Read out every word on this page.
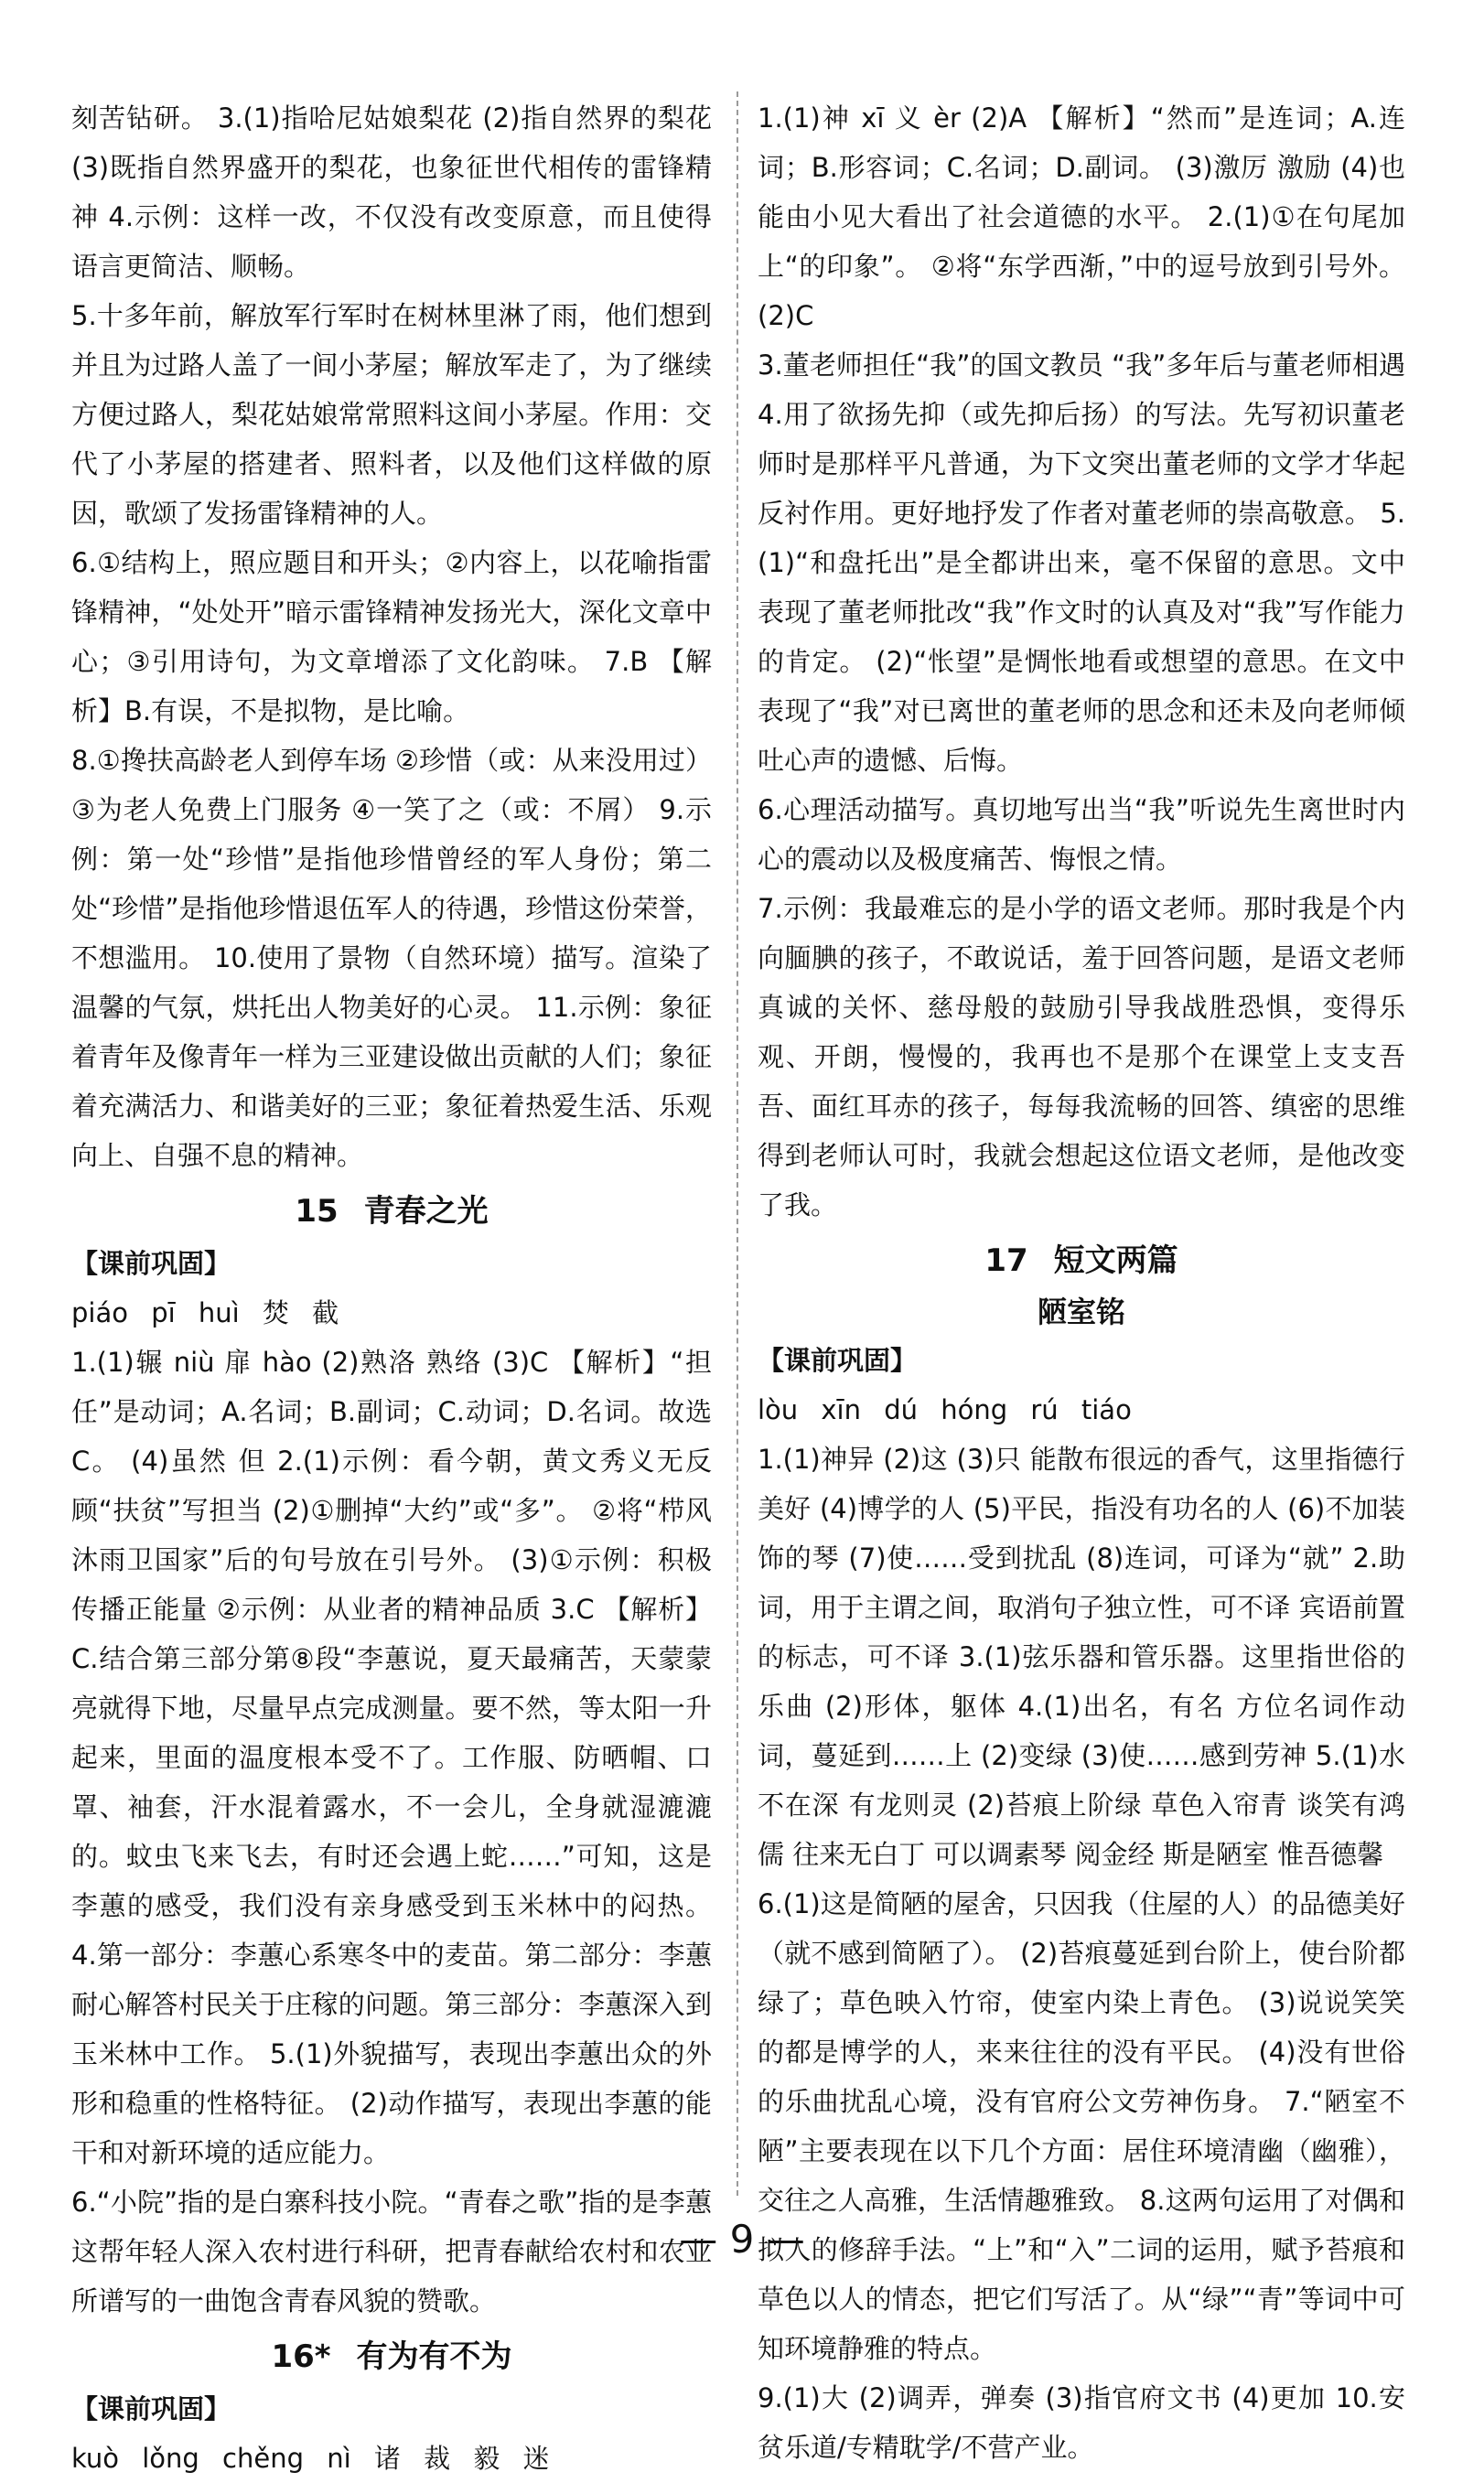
刻苦钻研。 3.(1)指哈尼姑娘梨花 (2)指自然界的梨花 (3)既指自然界盛开的梨花，也象征世代相传的雷锋精神 4.示例：这样一改，不仅没有改变原意，而且使得语言更简洁、顺畅。

5.十多年前，解放军行军时在树林里淋了雨，他们想到并且为过路人盖了一间小茅屋；解放军走了，为了继续方便过路人，梨花姑娘常常照料这间小茅屋。作用：交代了小茅屋的搭建者、照料者，以及他们这样做的原因，歌颂了发扬雷锋精神的人。

6.①结构上，照应题目和开头；②内容上，以花喻指雷锋精神，“处处开”暗示雷锋精神发扬光大，深化文章中心；③引用诗句，为文章增添了文化韵味。 7.B 【解析】B.有误，不是拟物，是比喻。

8.①搀扶高龄老人到停车场 ②珍惜（或：从来没用过） ③为老人免费上门服务 ④一笑了之（或：不屑） 9.示例：第一处“珍惜”是指他珍惜曾经的军人身份；第二处“珍惜”是指他珍惜退伍军人的待遇，珍惜这份荣誉，不想滥用。 10.使用了景物（自然环境）描写。渲染了温馨的气氛，烘托出人物美好的心灵。 11.示例：象征着青年及像青年一样为三亚建设做出贡献的人们；象征着充满活力、和谐美好的三亚；象征着热爱生活、乐观向上、自强不息的精神。

15 青春之光

【课前巩固】

piáo pī huì 焚 截

1.(1)辗 niù 扉 hào (2)熟洛 熟络 (3)C 【解析】“担任”是动词；A.名词；B.副词；C.动词；D.名词。故选C。 (4)虽然 但 2.(1)示例：看今朝，黄文秀义无反顾“扶贫”写担当 (2)①删掉“大约”或“多”。 ②将“栉风沐雨卫国家”后的句号放在引号外。 (3)①示例：积极传播正能量 ②示例：从业者的精神品质 3.C 【解析】C.结合第三部分第⑧段“李蕙说，夏天最痛苦，天蒙蒙亮就得下地，尽量早点完成测量。要不然，等太阳一升起来，里面的温度根本受不了。工作服、防晒帽、口罩、袖套，汗水混着露水，不一会儿，全身就湿漉漉的。蚊虫飞来飞去，有时还会遇上蛇……”可知，这是李蕙的感受，我们没有亲身感受到玉米林中的闷热。 4.第一部分：李蕙心系寒冬中的麦苗。第二部分：李蕙耐心解答村民关于庄稼的问题。第三部分：李蕙深入到玉米林中工作。 5.(1)外貌描写，表现出李蕙出众的外形和稳重的性格特征。 (2)动作描写，表现出李蕙的能干和对新环境的适应能力。

6.“小院”指的是白寨科技小院。“青春之歌”指的是李蕙这帮年轻人深入农村进行科研，把青春献给农村和农业所谱写的一曲饱含青春风貌的赞歌。

16* 有为有不为

【课前巩固】

kuò lǒng chěng nì 诸 裁 毅 迷

1.(1)神 xī 义 èr (2)A 【解析】“然而”是连词；A.连词；B.形容词；C.名词；D.副词。 (3)激厉 激励 (4)也能由小见大看出了社会道德的水平。 2.(1)①在句尾加上“的印象”。 ②将“东学西渐，”中的逗号放到引号外。 (2)C

3.董老师担任“我”的国文教员 “我”多年后与董老师相遇 4.用了欲扬先抑（或先抑后扬）的写法。先写初识董老师时是那样平凡普通，为下文突出董老师的文学才华起反衬作用。更好地抒发了作者对董老师的崇高敬意。 5.(1)“和盘托出”是全都讲出来，毫不保留的意思。文中表现了董老师批改“我”作文时的认真及对“我”写作能力的肯定。 (2)“怅望”是惆怅地看或想望的意思。在文中表现了“我”对已离世的董老师的思念和还未及向老师倾吐心声的遗憾、后悔。

6.心理活动描写。真切地写出当“我”听说先生离世时内心的震动以及极度痛苦、悔恨之情。

7.示例：我最难忘的是小学的语文老师。那时我是个内向腼腆的孩子，不敢说话，羞于回答问题，是语文老师真诚的关怀、慈母般的鼓励引导我战胜恐惧，变得乐观、开朗，慢慢的，我再也不是那个在课堂上支支吾吾、面红耳赤的孩子，每每我流畅的回答、缜密的思维得到老师认可时，我就会想起这位语文老师，是他改变了我。

17 短文两篇

陋室铭

【课前巩固】

lòu xīn dú hóng rú tiáo

1.(1)神异 (2)这 (3)只 能散布很远的香气，这里指德行美好 (4)博学的人 (5)平民，指没有功名的人 (6)不加装饰的琴 (7)使……受到扰乱 (8)连词，可译为“就” 2.助词，用于主谓之间，取消句子独立性，可不译 宾语前置的标志，可不译 3.(1)弦乐器和管乐器。这里指世俗的乐曲 (2)形体，躯体 4.(1)出名，有名 方位名词作动词，蔓延到……上 (2)变绿 (3)使……感到劳神 5.(1)水不在深 有龙则灵 (2)苔痕上阶绿 草色入帘青 谈笑有鸿儒 往来无白丁 可以调素琴 阅金经 斯是陋室 惟吾德馨

6.(1)这是简陋的屋舍，只因我（住屋的人）的品德美好（就不感到简陋了）。 (2)苔痕蔓延到台阶上，使台阶都绿了；草色映入竹帘，使室内染上青色。 (3)说说笑笑的都是博学的人，来来往往的没有平民。 (4)没有世俗的乐曲扰乱心境，没有官府公文劳神伤身。 7.“陋室不陋”主要表现在以下几个方面：居住环境清幽（幽雅），交往之人高雅，生活情趣雅致。 8.这两句运用了对偶和拟人的修辞手法。“上”和“入”二词的运用，赋予苔痕和草色以人的情态，把它们写活了。从“绿”“青”等词中可知环境静雅的特点。

9.(1)大 (2)调弄，弹奏 (3)指官府文书 (4)更加 10.安贫乐道/专精耽学/不营产业。

— 9 —
